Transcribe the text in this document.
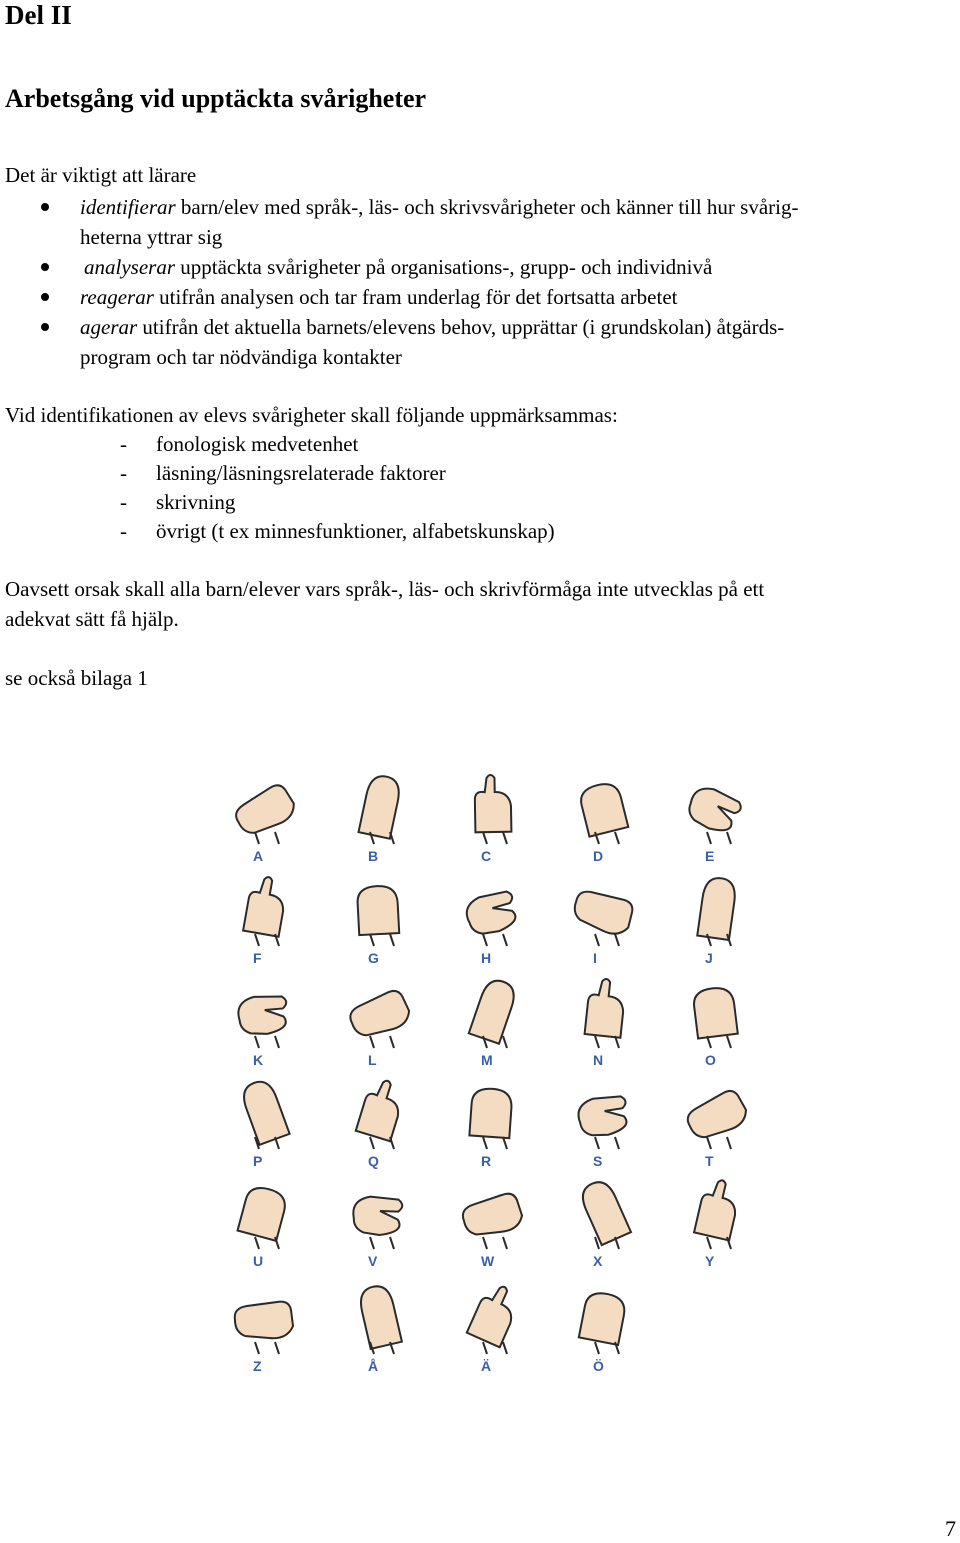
Del II
Arbetsgång vid upptäckta svårigheter
Det är viktigt att lärare
identifierar barn/elev med språk-, läs- och skrivsvårigheter och känner till hur svårig-
heterna yttrar sig
analyserar upptäckta svårigheter på organisations-, grupp- och individnivå
reagerar utifrån analysen och tar fram underlag för det fortsatta arbetet
agerar utifrån det aktuella barnets/elevens behov, upprättar (i grundskolan) åtgärds-
program och tar nödvändiga kontakter
Vid identifikationen av elevs svårigheter skall följande uppmärksammas:
- fonologisk medvetenhet
- läsning/läsningsrelaterade faktorer
- skrivning
- övrigt (t ex minnesfunktioner, alfabetskunskap)
Oavsett orsak skall alla barn/elever vars språk-, läs- och skrivförmåga inte utvecklas på ett
adekvat sätt få hjälp.
se också bilaga 1
A	B	C	D	E
F	G	H	I	J
K	L	M	N	O
P	Q	R	S	T
U	V	W	X	Y
Z	Å	Ä	Ö
7
